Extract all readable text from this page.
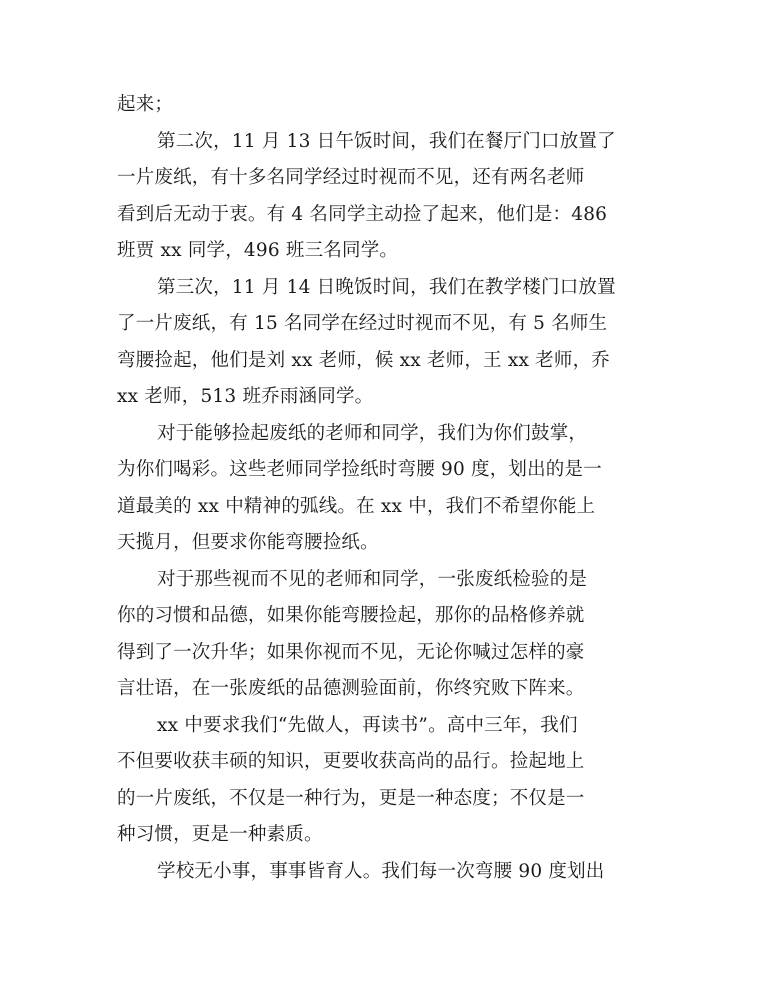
起来；
第二次，11 月 13 日午饭时间，我们在餐厅门口放置了
一片废纸，有十多名同学经过时视而不见，还有两名老师
看到后无动于衷。有 4 名同学主动捡了起来，他们是：486
班贾 xx 同学，496 班三名同学。
第三次，11 月 14 日晚饭时间，我们在教学楼门口放置
了一片废纸，有 15 名同学在经过时视而不见，有 5 名师生
弯腰捡起，他们是刘 xx 老师，候 xx 老师，王 xx 老师，乔
xx 老师，513 班乔雨涵同学。
对于能够捡起废纸的老师和同学，我们为你们鼓掌，
为你们喝彩。这些老师同学捡纸时弯腰 90 度，划出的是一
道最美的 xx 中精神的弧线。在 xx 中，我们不希望你能上
天揽月，但要求你能弯腰捡纸。
对于那些视而不见的老师和同学，一张废纸检验的是
你的习惯和品德，如果你能弯腰捡起，那你的品格修养就
得到了一次升华；如果你视而不见，无论你喊过怎样的豪
言壮语，在一张废纸的品德测验面前，你终究败下阵来。
xx 中要求我们“先做人，再读书”。高中三年，我们
不但要收获丰硕的知识，更要收获高尚的品行。捡起地上
的一片废纸，不仅是一种行为，更是一种态度；不仅是一
种习惯，更是一种素质。
学校无小事，事事皆育人。我们每一次弯腰 90 度划出
